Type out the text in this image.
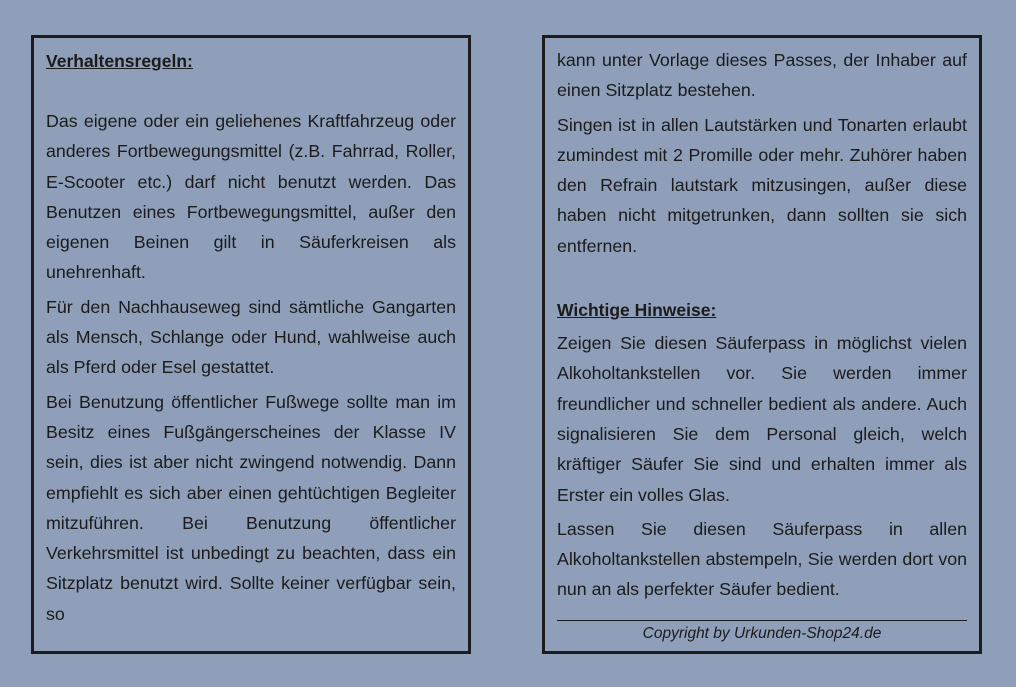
Verhaltensregeln:

Das eigene oder ein geliehenes Kraftfahrzeug oder anderes Fortbewegungsmittel (z.B. Fahrrad, Roller, E-Scooter etc.) darf nicht benutzt werden. Das Benutzen eines Fortbewegungsmittel, außer den eigenen Beinen gilt in Säuferkreisen als unehrenhaft.

Für den Nachhauseweg sind sämtliche Gangarten als Mensch, Schlange oder Hund, wahlweise auch als Pferd oder Esel gestattet.

Bei Benutzung öffentlicher Fußwege sollte man im Besitz eines Fußgängerscheines der Klasse IV sein, dies ist aber nicht zwingend notwendig. Dann empfiehlt es sich aber einen gehtüchtigen Begleiter mitzuführen. Bei Benutzung öffentlicher Verkehrsmittel ist unbedingt zu beachten, dass ein Sitzplatz benutzt wird. Sollte keiner verfügbar sein, so

kann unter Vorlage dieses Passes, der Inhaber auf einen Sitzplatz bestehen.

Singen ist in allen Lautstärken und Tonarten erlaubt zumindest mit 2 Promille oder mehr. Zuhörer haben den Refrain lautstark mitzusingen, außer diese haben nicht mitgetrunken, dann sollten sie sich entfernen.

Wichtige Hinweise:

Zeigen Sie diesen Säuferpass in möglichst vielen Alkoholtankstellen vor. Sie werden immer freundlicher und schneller bedient als andere. Auch signalisieren Sie dem Personal gleich, welch kräftiger Säufer Sie sind und erhalten immer als Erster ein volles Glas.

Lassen Sie diesen Säuferpass in allen Alkoholtankstellen abstempeln, Sie werden dort von nun an als perfekter Säufer bedient.

Copyright by Urkunden-Shop24.de
